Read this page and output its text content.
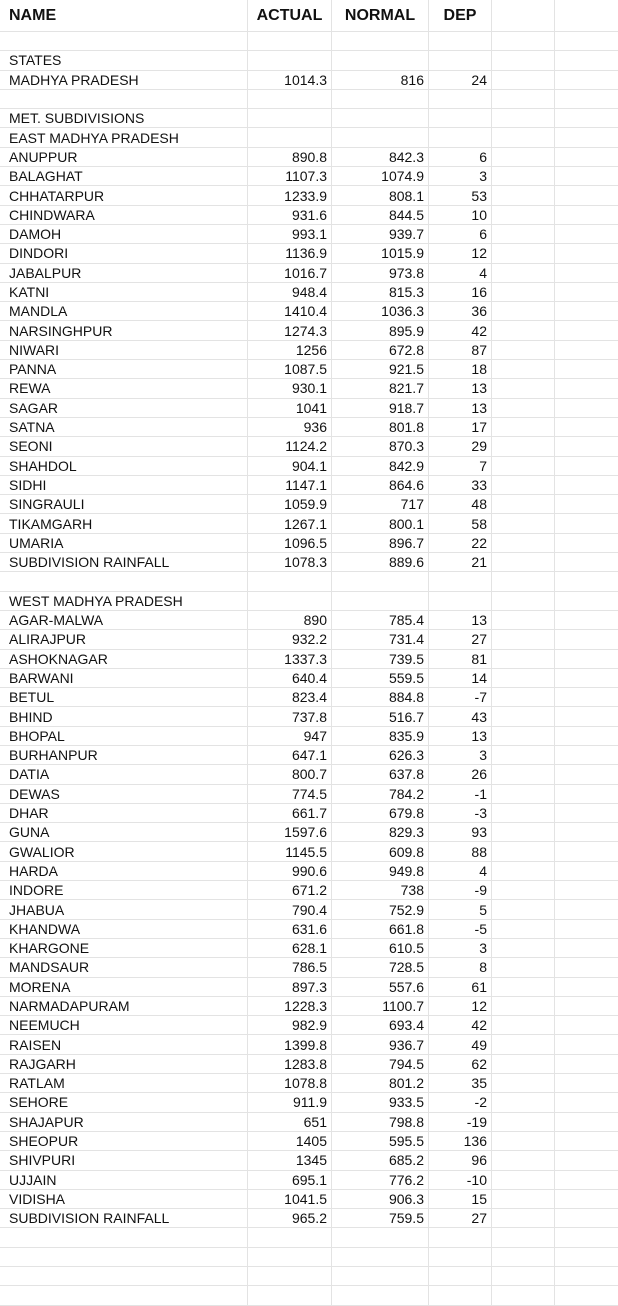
NAME	ACTUAL	NORMAL	DEP
STATES
MADHYA PRADESH	1014.3	816	24
MET. SUBDIVISIONS
EAST MADHYA PRADESH
ANUPPUR	890.8	842.3	6
BALAGHAT	1107.3	1074.9	3
CHHATARPUR	1233.9	808.1	53
CHINDWARA	931.6	844.5	10
DAMOH	993.1	939.7	6
DINDORI	1136.9	1015.9	12
JABALPUR	1016.7	973.8	4
KATNI	948.4	815.3	16
MANDLA	1410.4	1036.3	36
NARSINGHPUR	1274.3	895.9	42
NIWARI	1256	672.8	87
PANNA	1087.5	921.5	18
REWA	930.1	821.7	13
SAGAR	1041	918.7	13
SATNA	936	801.8	17
SEONI	1124.2	870.3	29
SHAHDOL	904.1	842.9	7
SIDHI	1147.1	864.6	33
SINGRAULI	1059.9	717	48
TIKAMGARH	1267.1	800.1	58
UMARIA	1096.5	896.7	22
SUBDIVISION RAINFALL	1078.3	889.6	21
WEST MADHYA PRADESH
AGAR-MALWA	890	785.4	13
ALIRAJPUR	932.2	731.4	27
ASHOKNAGAR	1337.3	739.5	81
BARWANI	640.4	559.5	14
BETUL	823.4	884.8	-7
BHIND	737.8	516.7	43
BHOPAL	947	835.9	13
BURHANPUR	647.1	626.3	3
DATIA	800.7	637.8	26
DEWAS	774.5	784.2	-1
DHAR	661.7	679.8	-3
GUNA	1597.6	829.3	93
GWALIOR	1145.5	609.8	88
HARDA	990.6	949.8	4
INDORE	671.2	738	-9
JHABUA	790.4	752.9	5
KHANDWA	631.6	661.8	-5
KHARGONE	628.1	610.5	3
MANDSAUR	786.5	728.5	8
MORENA	897.3	557.6	61
NARMADAPURAM	1228.3	1100.7	12
NEEMUCH	982.9	693.4	42
RAISEN	1399.8	936.7	49
RAJGARH	1283.8	794.5	62
RATLAM	1078.8	801.2	35
SEHORE	911.9	933.5	-2
SHAJAPUR	651	798.8	-19
SHEOPUR	1405	595.5	136
SHIVPURI	1345	685.2	96
UJJAIN	695.1	776.2	-10
VIDISHA	1041.5	906.3	15
SUBDIVISION RAINFALL	965.2	759.5	27
